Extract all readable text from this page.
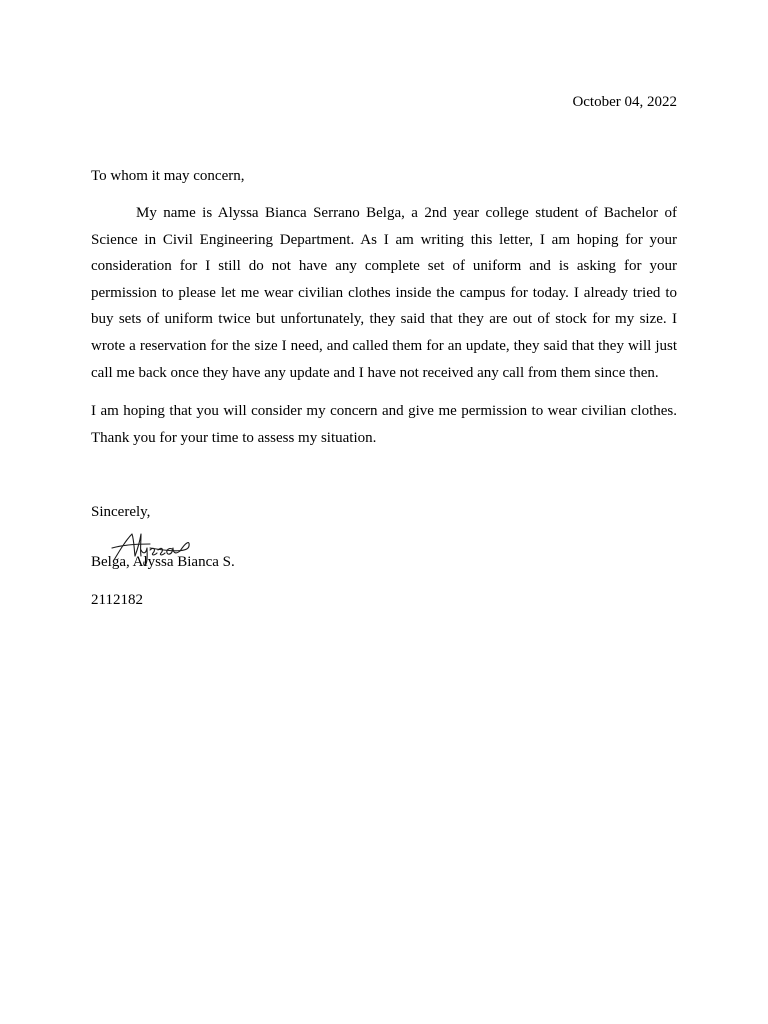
October 04, 2022
To whom it may concern,

My name is Alyssa Bianca Serrano Belga, a 2nd year college student of Bachelor of Science in Civil Engineering Department. As I am writing this letter, I am hoping for your consideration for I still do not have any complete set of uniform and is asking for your permission to please let me wear civilian clothes inside the campus for today. I already tried to buy sets of uniform twice but unfortunately, they said that they are out of stock for my size. I wrote a reservation for the size I need, and called them for an update, they said that they will just call me back once they have any update and I have not received any call from them since then.

I am hoping that you will consider my concern and give me permission to wear civilian clothes. Thank you for your time to assess my situation.

Sincerely,
Belga, Alyssa Bianca S.
2112182
